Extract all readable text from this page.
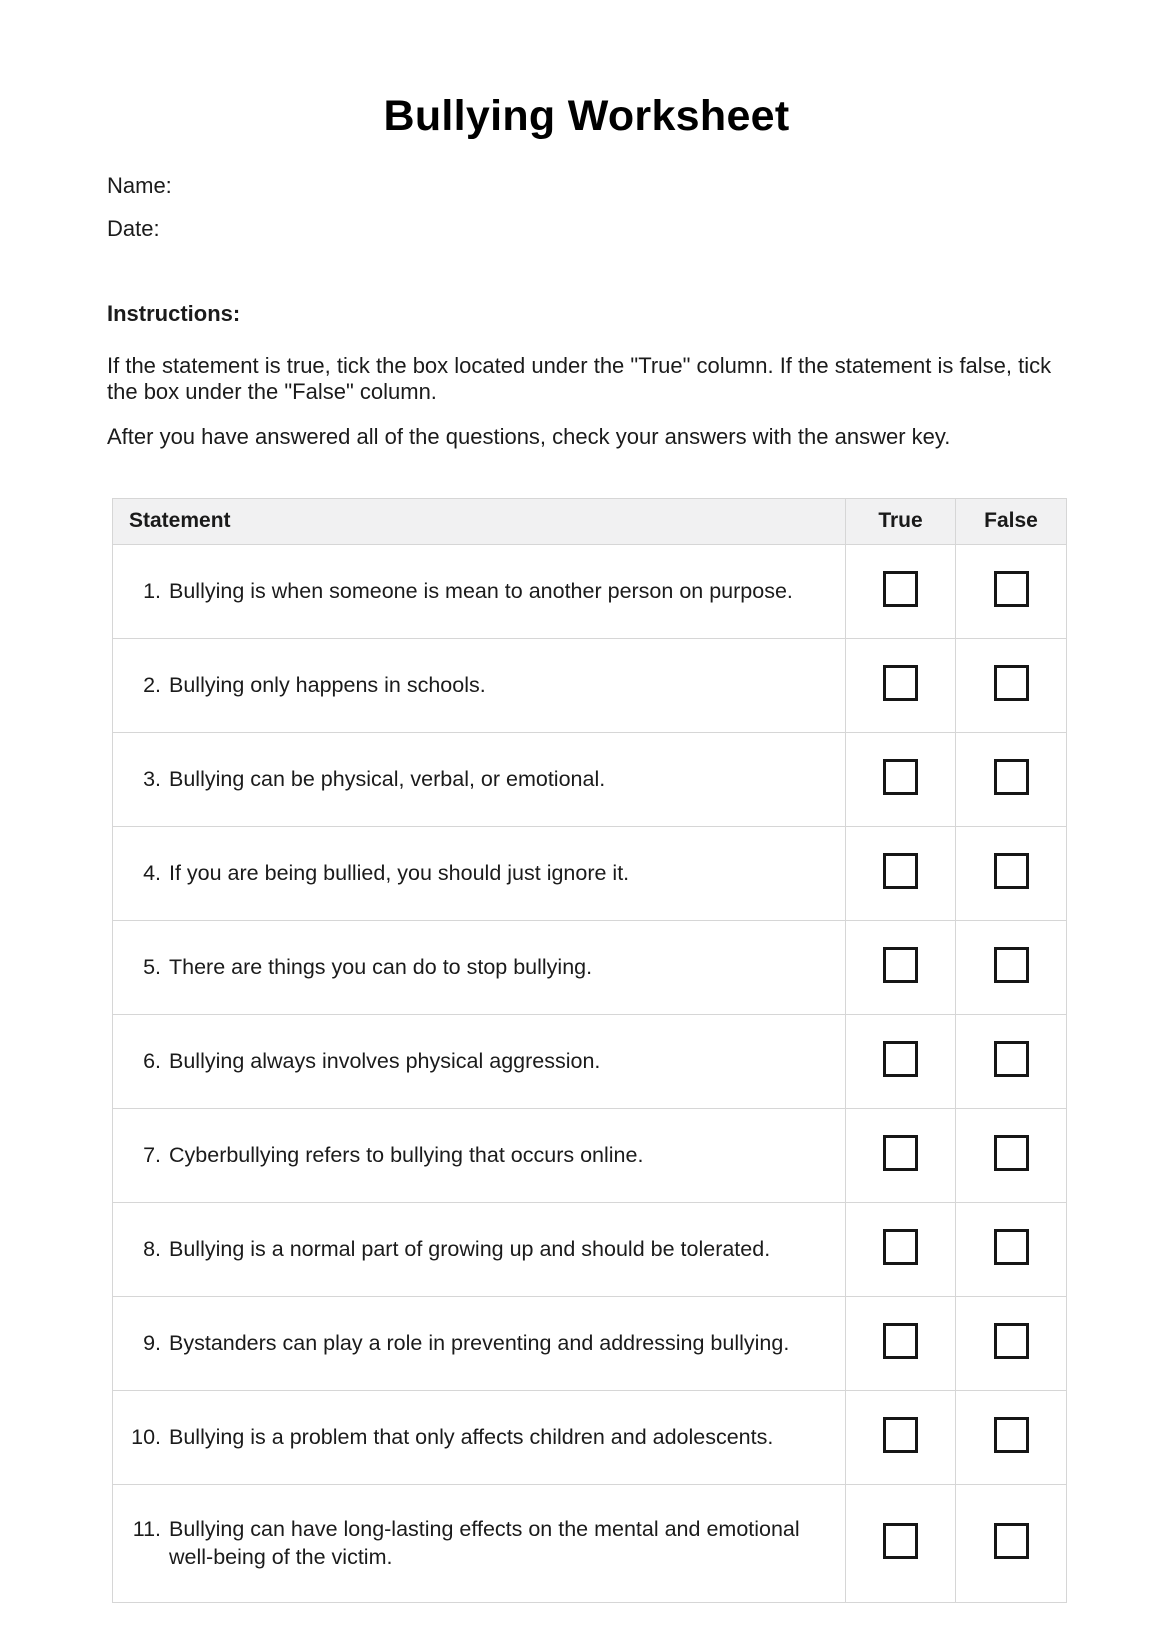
Bullying Worksheet
Name:
Date:
Instructions:

If the statement is true, tick the box located under the "True" column. If the statement is false, tick the box under the "False" column.

After you have answered all of the questions, check your answers with the answer key.

Statement	True	False

1. Bullying is when someone is mean to another person on purpose.		

2. Bullying only happens in schools.		

3. Bullying can be physical, verbal, or emotional.		

4. If you are being bullied, you should just ignore it.		

5. There are things you can do to stop bullying.		

6. Bullying always involves physical aggression.		

7. Cyberbullying refers to bullying that occurs online.		

8. Bullying is a normal part of growing up and should be tolerated.		

9. Bystanders can play a role in preventing and addressing bullying.		

10. Bullying is a problem that only affects children and adolescents.		

11. Bullying can have long-lasting effects on the mental and emotional well-being of the victim.		
